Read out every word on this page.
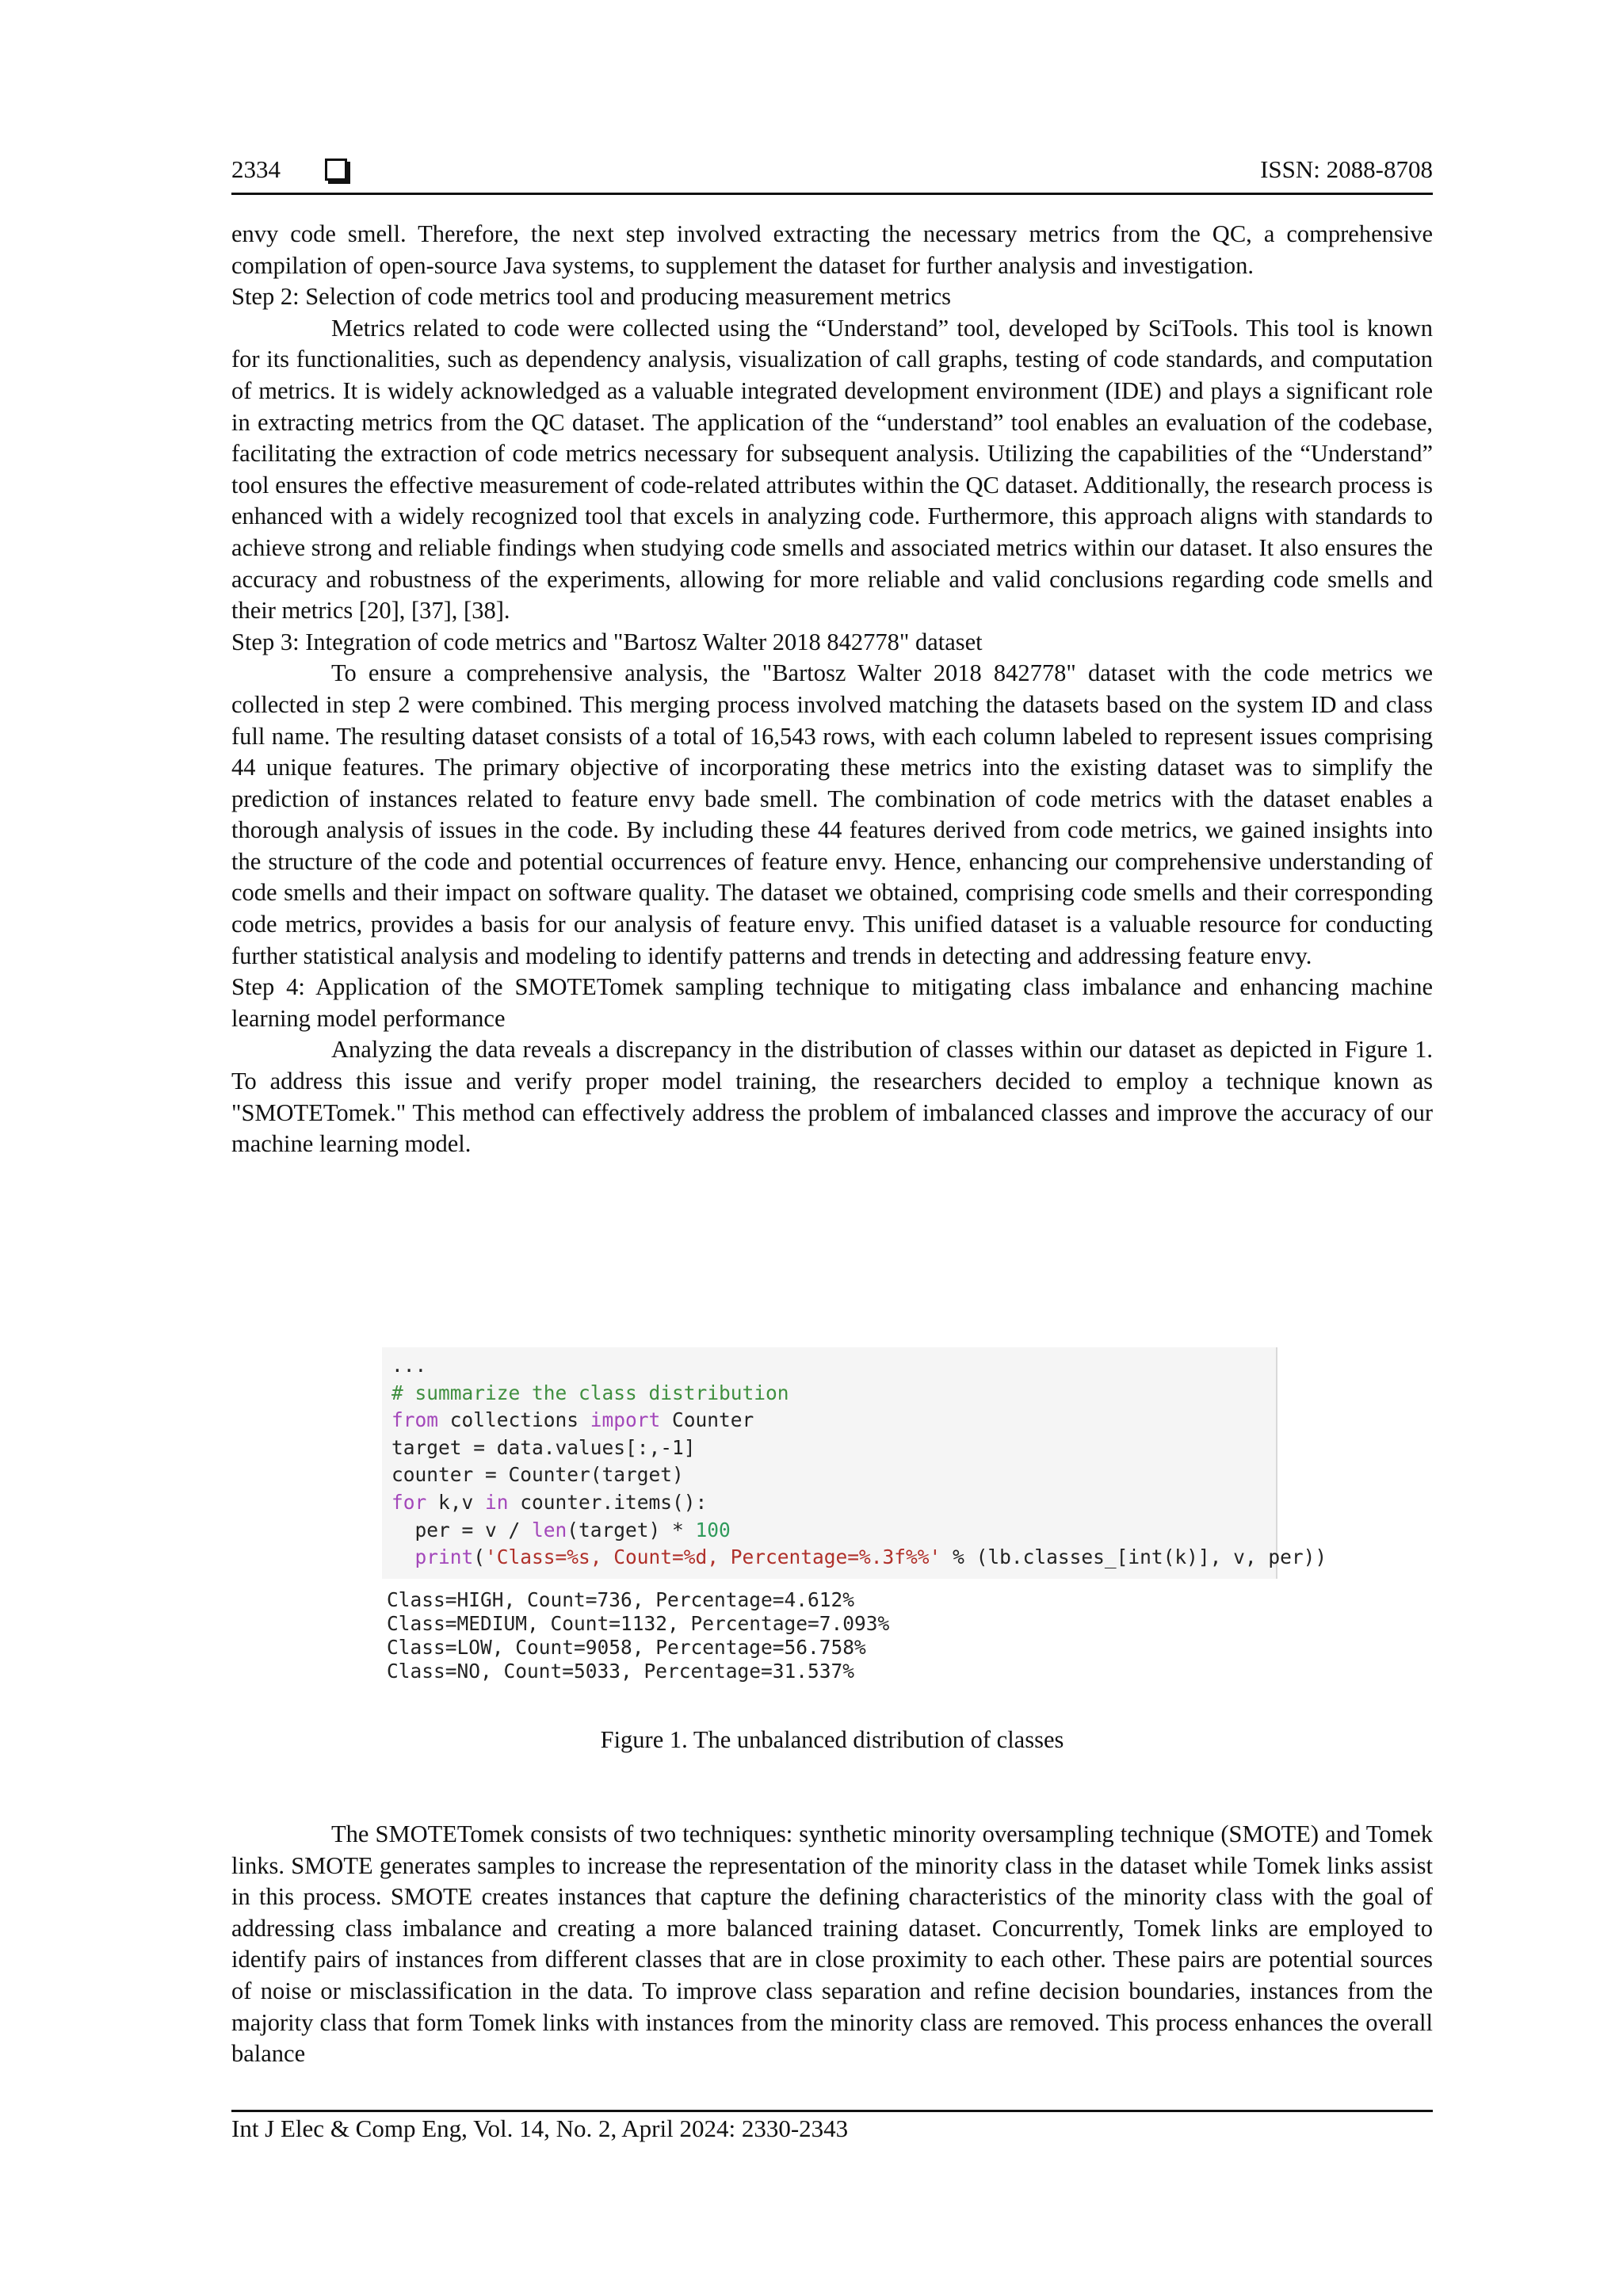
2334	ISSN: 2088-8708

envy code smell. Therefore, the next step involved extracting the necessary metrics from the QC, a comprehensive compilation of open-source Java systems, to supplement the dataset for further analysis and investigation.

Step 2: Selection of code metrics tool and producing measurement metrics

Metrics related to code were collected using the “Understand” tool, developed by SciTools. This tool is known for its functionalities, such as dependency analysis, visualization of call graphs, testing of code standards, and computation of metrics. It is widely acknowledged as a valuable integrated development environment (IDE) and plays a significant role in extracting metrics from the QC dataset. The application of the “understand” tool enables an evaluation of the codebase, facilitating the extraction of code metrics necessary for subsequent analysis. Utilizing the capabilities of the “Understand” tool ensures the effective measurement of code-related attributes within the QC dataset. Additionally, the research process is enhanced with a widely recognized tool that excels in analyzing code. Furthermore, this approach aligns with standards to achieve strong and reliable findings when studying code smells and associated metrics within our dataset. It also ensures the accuracy and robustness of the experiments, allowing for more reliable and valid conclusions regarding code smells and their metrics [20], [37], [38].

Step 3: Integration of code metrics and "Bartosz Walter 2018 842778" dataset

To ensure a comprehensive analysis, the "Bartosz Walter 2018 842778" dataset with the code metrics we collected in step 2 were combined. This merging process involved matching the datasets based on the system ID and class full name. The resulting dataset consists of a total of 16,543 rows, with each column labeled to represent issues comprising 44 unique features. The primary objective of incorporating these metrics into the existing dataset was to simplify the prediction of instances related to feature envy bade smell. The combination of code metrics with the dataset enables a thorough analysis of issues in the code. By including these 44 features derived from code metrics, we gained insights into the structure of the code and potential occurrences of feature envy. Hence, enhancing our comprehensive understanding of code smells and their impact on software quality. The dataset we obtained, comprising code smells and their corresponding code metrics, provides a basis for our analysis of feature envy. This unified dataset is a valuable resource for conducting further statistical analysis and modeling to identify patterns and trends in detecting and addressing feature envy.

Step 4: Application of the SMOTETomek sampling technique to mitigating class imbalance and enhancing machine learning model performance

Analyzing the data reveals a discrepancy in the distribution of classes within our dataset as depicted in Figure 1. To address this issue and verify proper model training, the researchers decided to employ a technique known as "SMOTETomek." This method can effectively address the problem of imbalanced classes and improve the accuracy of our machine learning model.

...
# summarize the class distribution
from collections import Counter
target = data.values[:,-1]
counter = Counter(target)
for k,v in counter.items():
per = v / len(target) * 100
print('Class=%s, Count=%d, Percentage=%.3f%%' % (lb.classes_[int(k)], v, per))
Class=HIGH, Count=736, Percentage=4.612%
Class=MEDIUM, Count=1132, Percentage=7.093%
Class=LOW, Count=9058, Percentage=56.758%
Class=NO, Count=5033, Percentage=31.537%
Figure 1. The unbalanced distribution of classes

The SMOTETomek consists of two techniques: synthetic minority oversampling technique (SMOTE) and Tomek links. SMOTE generates samples to increase the representation of the minority class in the dataset while Tomek links assist in this process. SMOTE creates instances that capture the defining characteristics of the minority class with the goal of addressing class imbalance and creating a more balanced training dataset. Concurrently, Tomek links are employed to identify pairs of instances from different classes that are in close proximity to each other. These pairs are potential sources of noise or misclassification in the data. To improve class separation and refine decision boundaries, instances from the majority class that form Tomek links with instances from the minority class are removed. This process enhances the overall balance

Int J Elec & Comp Eng, Vol. 14, No. 2, April 2024: 2330-2343
